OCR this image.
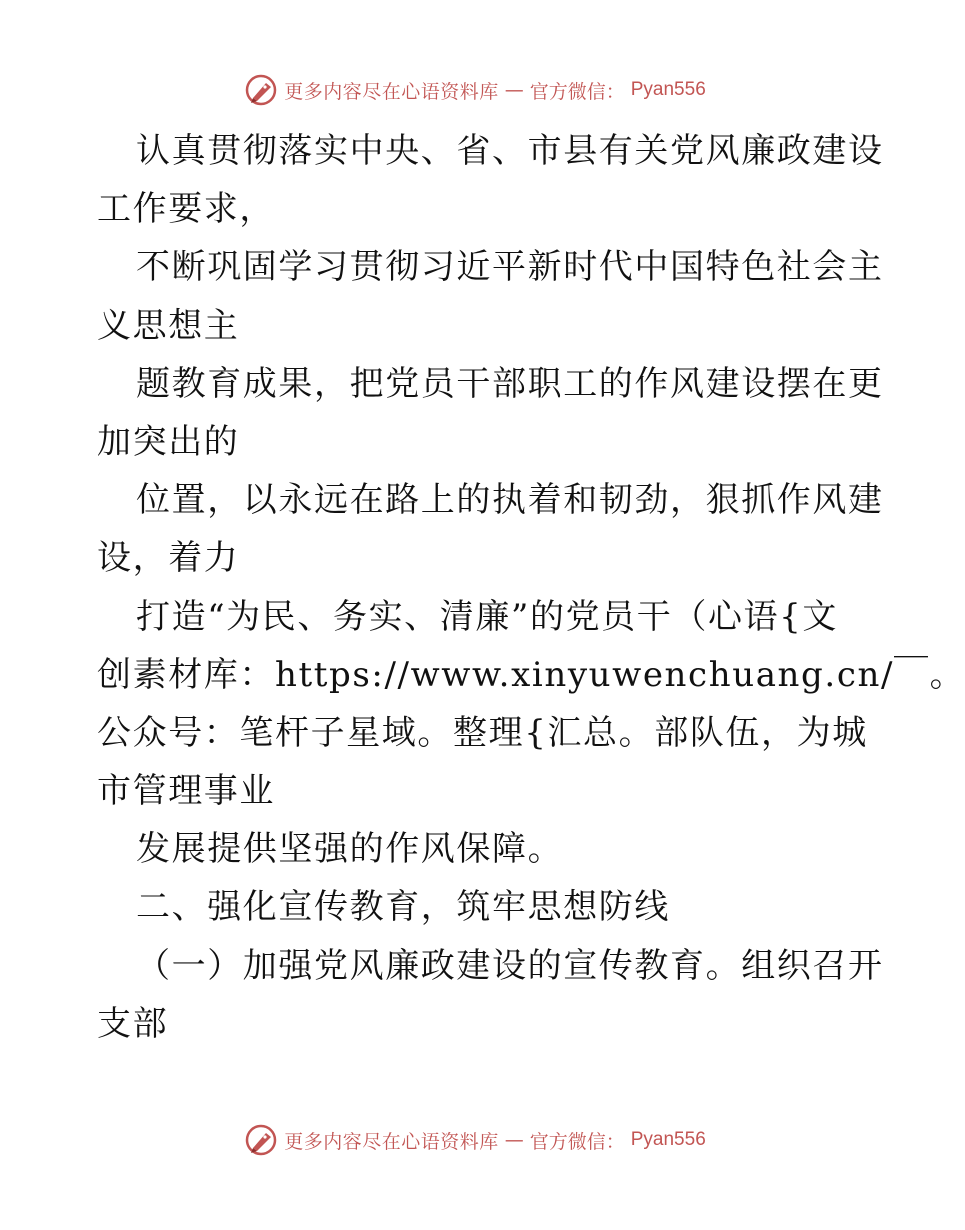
更多内容尽在心语资料库 — 官方微信： Pyan556
认真贯彻落实中央、省、市县有关党风廉政建设
工作要求，
不断巩固学习贯彻习近平新时代中国特色社会主
义思想主
题教育成果，把党员干部职工的作风建设摆在更
加突出的
位置，以永远在路上的执着和韧劲，狠抓作风建
设，着力
打造“为民、务实、清廉”的党员干（心语{文
创素材库：https://www.xinyuwenchuang.cn/￣。
公众号：笔杆子星域。整理{汇总。部队伍，为城
市管理事业
发展提供坚强的作风保障。
二、强化宣传教育，筑牢思想防线
（一）加强党风廉政建设的宣传教育。组织召开
支部
更多内容尽在心语资料库 — 官方微信： Pyan556
